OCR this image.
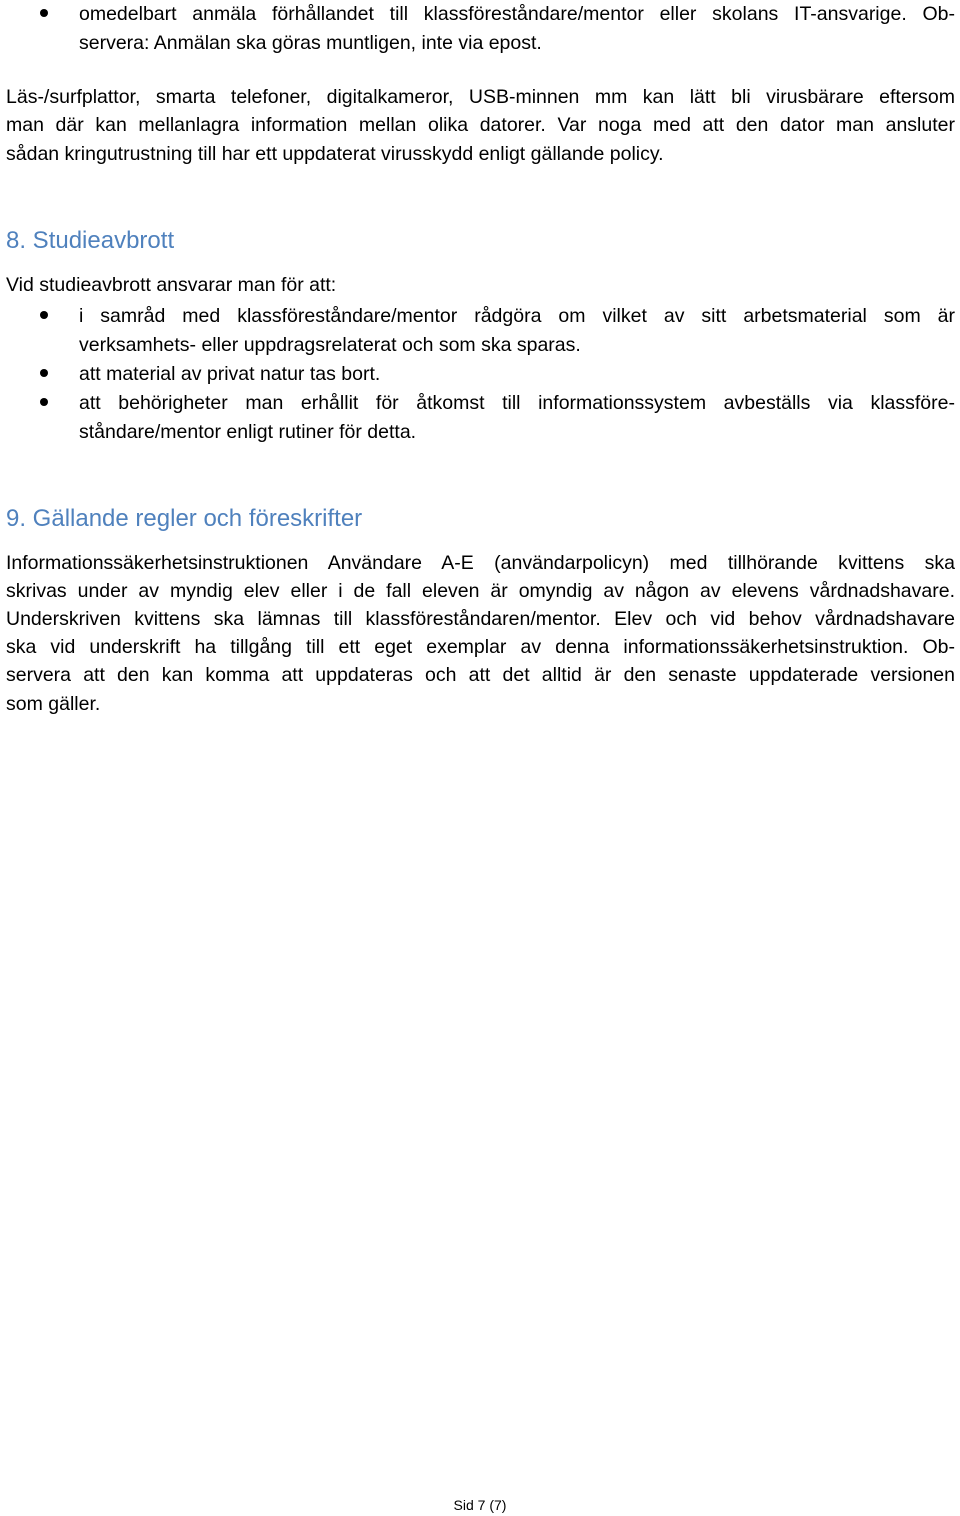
omedelbart anmäla förhållandet till klassföreståndare/mentor eller skolans IT-ansvarige. Ob-
servera: Anmälan ska göras muntligen, inte via epost.
Läs-/surfplattor, smarta telefoner, digitalkameror, USB-minnen mm kan lätt bli virusbärare eftersom
man där kan mellanlagra information mellan olika datorer. Var noga med att den dator man ansluter
sådan kringutrustning till har ett uppdaterat virusskydd enligt gällande policy.
8. Studieavbrott
Vid studieavbrott ansvarar man för att:
i samråd med klassföreståndare/mentor rådgöra om vilket av sitt arbetsmaterial som är
verksamhets- eller uppdragsrelaterat och som ska sparas.
att material av privat natur tas bort.
att behörigheter man erhållit för åtkomst till informationssystem avbeställs via klassföre-
ståndare/mentor enligt rutiner för detta.
9. Gällande regler och föreskrifter
Informationssäkerhetsinstruktionen Användare A-E (användarpolicyn) med tillhörande kvittens ska
skrivas under av myndig elev eller i de fall eleven är omyndig av någon av elevens vårdnadshavare.
Underskriven kvittens ska lämnas till klassföreståndaren/mentor. Elev och vid behov vårdnadshavare
ska vid underskrift ha tillgång till ett eget exemplar av denna informationssäkerhetsinstruktion. Ob-
servera att den kan komma att uppdateras och att det alltid är den senaste uppdaterade versionen
som gäller.
Sid 7 (7)
